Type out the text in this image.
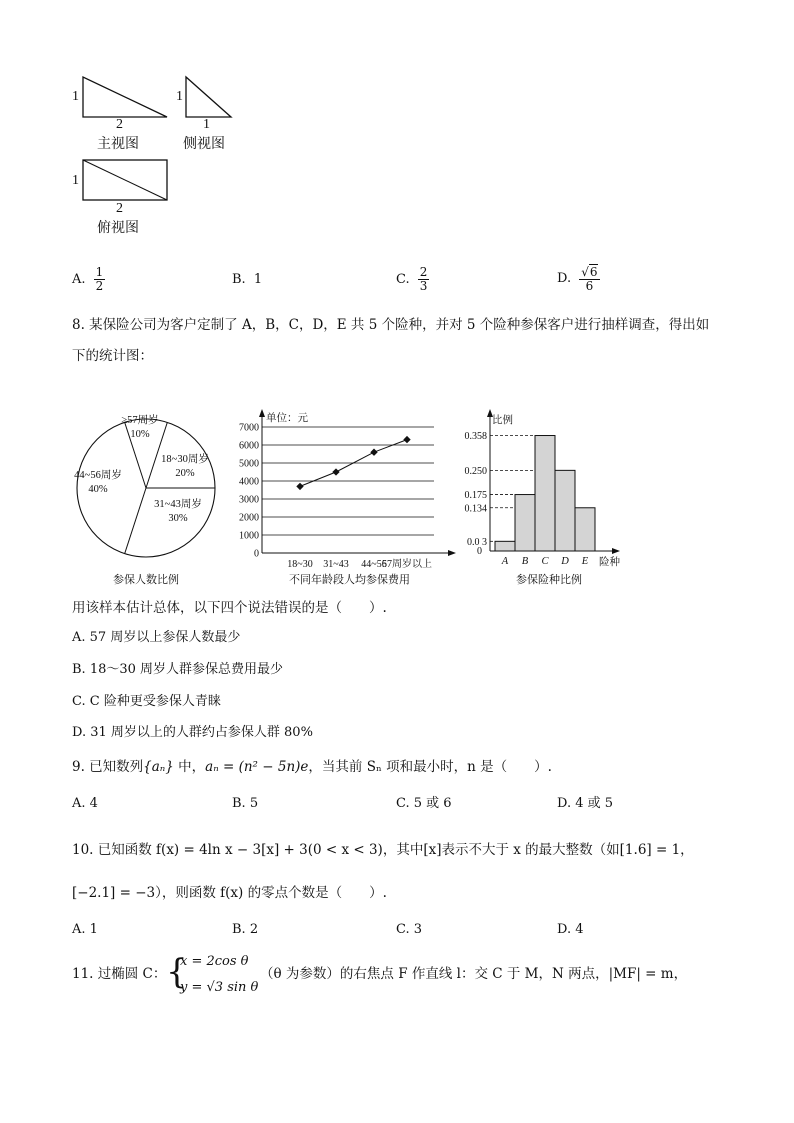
1
2
主视图
1
1
侧视图
1
2
俯视图
A. $\frac{1}{2}$	B. 1	C. $\frac{2}{3}$	D. $\frac{√6}{6}$
8. 某保险公司为客户定制了 A，B，C，D，E 共 5 个险种，并对 5 个险种参保客户进行抽样调查，得出如
下的统计图：
≥57周岁
10%
18~30周岁
20%
31~43周岁
30%
44~56周岁
40%
参保人数比例
0
1000
2000
3000
4000
5000
6000
7000
单位：元
18~30 31~43 44~56
57周岁以上
不同年龄段人均参保费用
比例
险种
0
A B C D E
0.0 3
0.134
0.175
0.250
0.358
参保险种比例
用该样本估计总体，以下四个说法错误的是（　　）.
A. 57 周岁以上参保人数最少
B. 18～30 周岁人群参保总费用最少
C. C 险种更受参保人青睐
D. 31 周岁以上的人群约占参保人群 80%
9. 已知数列{aₙ} 中，aₙ = (n² − 5n)e，当其前 Sₙ 项和最小时，n 是（　　）.
A. 4	B. 5	C. 5 或 6	D. 4 或 5
10. 已知函数 f(x) = 4ln x − 3[x] + 3(0 < x < 3)，其中[x]表示不大于 x 的最大整数（如[1.6] = 1，
[−2.1] = −3），则函数 f(x) 的零点个数是（　　）.
A. 1	B. 2	C. 3	D. 4
11. 过椭圆 C： {
x = 2cos θ
y = √3 sin θ
（θ 为参数）的右焦点 F 作直线 l：交 C 于 M，N 两点，|MF| = m，
